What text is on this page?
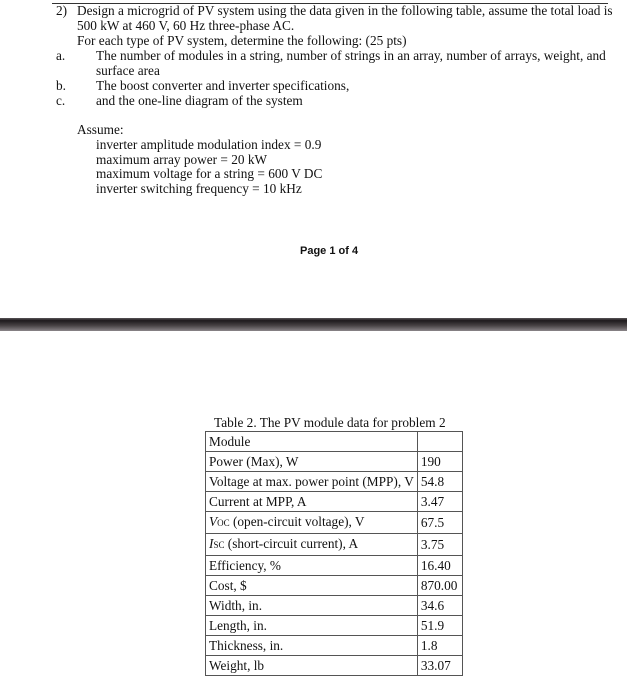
2) Design a microgrid of PV system using the data given in the following table, assume the total load is
500 kW at 460 V, 60 Hz three-phase AC.
For each type of PV system, determine the following: (25 pts)
a. The number of modules in a string, number of strings in an array, number of arrays, weight, and
surface area
b. The boost converter and inverter specifications,
c. and the one-line diagram of the system
Assume:
inverter amplitude modulation index = 0.9
maximum array power = 20 kW
maximum voltage for a string = 600 V DC
inverter switching frequency = 10 kHz
Page 1 of 4
Table 2. The PV module data for problem 2
Module	
Power (Max), W	190
Voltage at max. power point (MPP), V	54.8
Current at MPP, A	3.47
VOC (open-circuit voltage), V	67.5
ISC (short-circuit current), A	3.75
Efficiency, %	16.40
Cost, $	870.00
Width, in.	34.6
Length, in.	51.9
Thickness, in.	1.8
Weight, lb	33.07
